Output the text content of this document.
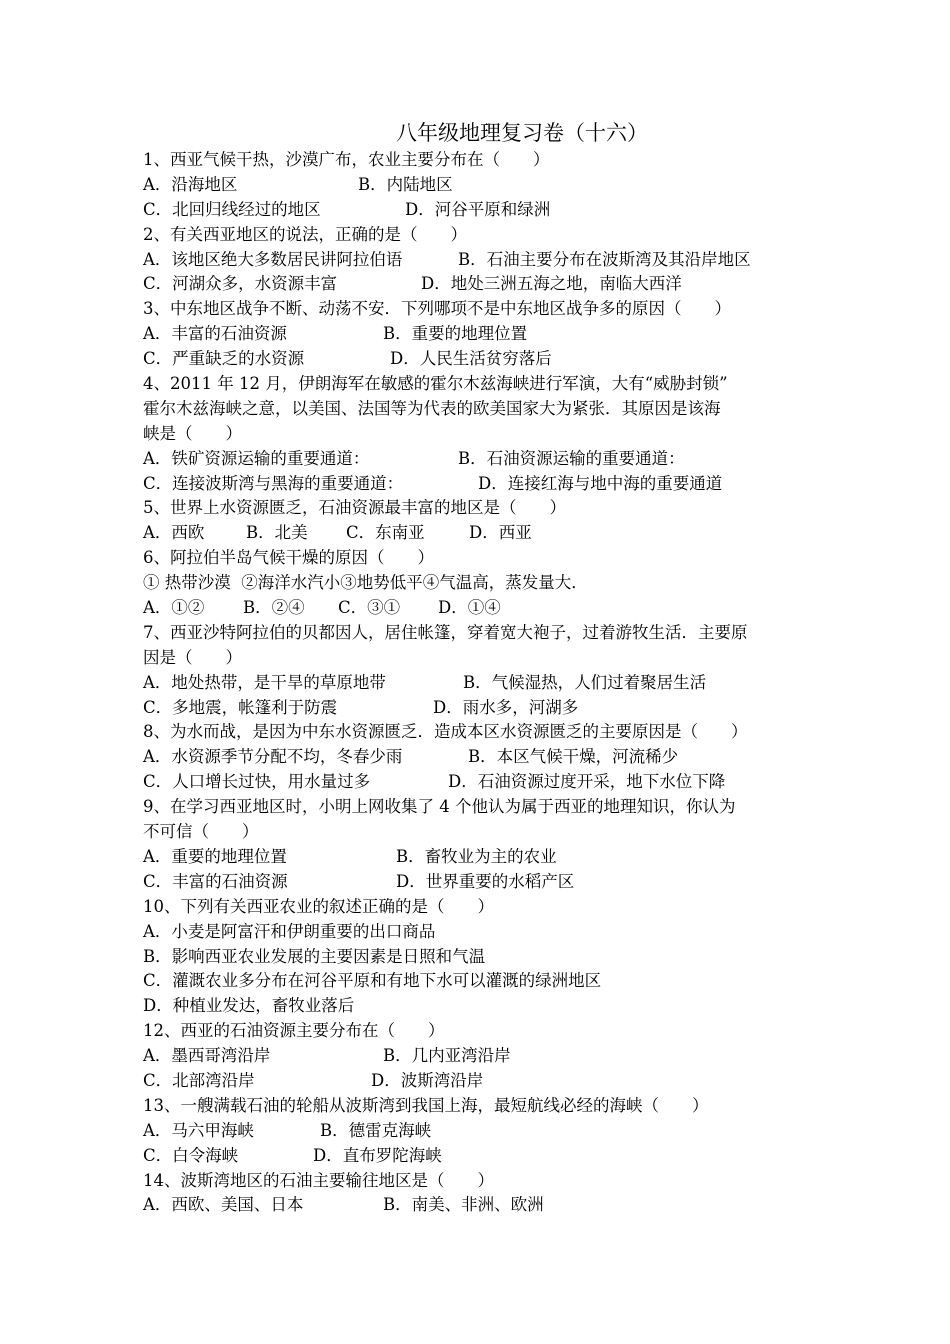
八年级地理复习卷（十六）
1、西亚气候干热，沙漠广布，农业主要分布在（　　）
A．沿海地区	B．内陆地区
C．北回归线经过的地区	D．河谷平原和绿洲
2、有关西亚地区的说法，正确的是（　　）
A．该地区绝大多数居民讲阿拉伯语	B．石油主要分布在波斯湾及其沿岸地区
C．河湖众多，水资源丰富	D．地处三洲五海之地，南临大西洋
3、中东地区战争不断、动荡不安．下列哪项不是中东地区战争多的原因（　　）
A．丰富的石油资源	B．重要的地理位置
C．严重缺乏的水资源	D．人民生活贫穷落后
4、2011 年 12 月，伊朗海军在敏感的霍尔木兹海峡进行军演，大有“威胁封锁”
霍尔木兹海峡之意，以美国、法国等为代表的欧美国家大为紧张．其原因是该海
峡是（　　）
A．铁矿资源运输的重要通道：	B．石油资源运输的重要通道：
C．连接波斯湾与黑海的重要通道：	D．连接红海与地中海的重要通道
5、世界上水资源匮乏，石油资源最丰富的地区是（　　）
A．西欧	B．北美	C．东南亚	D．西亚
6、阿拉伯半岛气候干燥的原因（　　）
① 热带沙漠  ②海洋水汽小③地势低平④气温高，蒸发量大．
A．①②	B．②④	C．③①	D．①④
7、西亚沙特阿拉伯的贝都因人，居住帐篷，穿着宽大袍子，过着游牧生活．主要原
因是（　　）
A．地处热带，是干旱的草原地带	B．气候湿热，人们过着聚居生活
C．多地震，帐篷利于防震	D．雨水多，河湖多
8、为水而战，是因为中东水资源匮乏．造成本区水资源匮乏的主要原因是（　　）
A．水资源季节分配不均，冬春少雨	B．本区气候干燥，河流稀少
C．人口增长过快，用水量过多	D．石油资源过度开采，地下水位下降
9、在学习西亚地区时，小明上网收集了 4 个他认为属于西亚的地理知识，你认为
不可信（　　）
A．重要的地理位置	B．畜牧业为主的农业
C．丰富的石油资源	D．世界重要的水稻产区
10、下列有关西亚农业的叙述正确的是（　　）
A．小麦是阿富汗和伊朗重要的出口商品
B．影响西亚农业发展的主要因素是日照和气温
C．灌溉农业多分布在河谷平原和有地下水可以灌溉的绿洲地区
D．种植业发达，畜牧业落后
12、西亚的石油资源主要分布在（　　）
A．墨西哥湾沿岸	B．几内亚湾沿岸
C．北部湾沿岸	D．波斯湾沿岸
13、一艘满载石油的轮船从波斯湾到我国上海，最短航线必经的海峡（　　）
A．马六甲海峡	B．德雷克海峡
C．白令海峡	D．直布罗陀海峡
14、波斯湾地区的石油主要输往地区是（　　）
A．西欧、美国、日本	B．南美、非洲、欧洲
